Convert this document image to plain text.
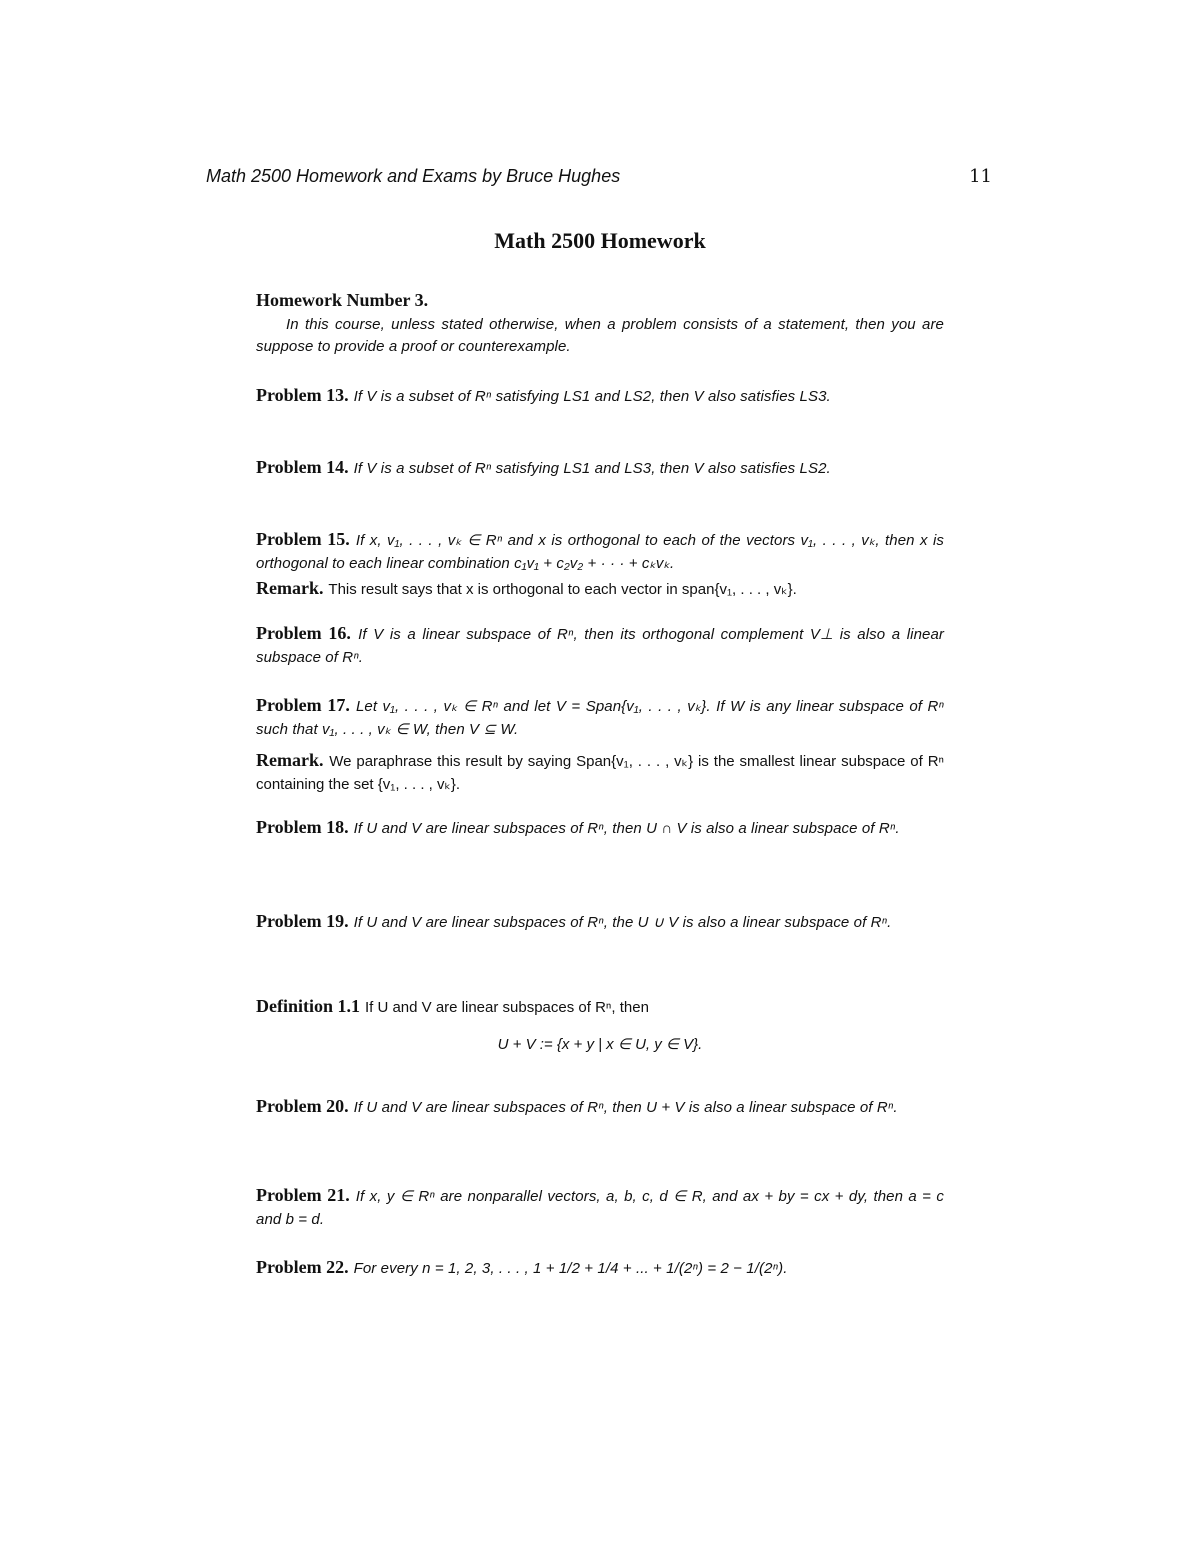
Math 2500 Homework and Exams by Bruce Hughes	11
Math 2500 Homework
Homework Number 3.
In this course, unless stated otherwise, when a problem consists of a statement, then you are suppose to provide a proof or counterexample.
Problem 13. If V is a subset of Rⁿ satisfying LS1 and LS2, then V also satisfies LS3.
Problem 14. If V is a subset of Rⁿ satisfying LS1 and LS3, then V also satisfies LS2.
Problem 15. If x, v₁, . . . , vₖ ∈ Rⁿ and x is orthogonal to each of the vectors v₁, . . . , vₖ, then x is orthogonal to each linear combination c₁v₁ + c₂v₂ + · · · + cₖvₖ.
Remark. This result says that x is orthogonal to each vector in span{v₁, . . . , vₖ}.
Problem 16. If V is a linear subspace of Rⁿ, then its orthogonal complement V⊥ is also a linear subspace of Rⁿ.
Problem 17. Let v₁, . . . , vₖ ∈ Rⁿ and let V = Span{v₁, . . . , vₖ}. If W is any linear subspace of Rⁿ such that v₁, . . . , vₖ ∈ W, then V ⊆ W.
Remark. We paraphrase this result by saying Span{v₁, . . . , vₖ} is the smallest linear subspace of Rⁿ containing the set {v₁, . . . , vₖ}.
Problem 18. If U and V are linear subspaces of Rⁿ, then U ∩ V is also a linear subspace of Rⁿ.
Problem 19. If U and V are linear subspaces of Rⁿ, the U ∪ V is also a linear subspace of Rⁿ.
Definition 1.1 If U and V are linear subspaces of Rⁿ, then
U + V := {x + y | x ∈ U, y ∈ V}.
Problem 20. If U and V are linear subspaces of Rⁿ, then U + V is also a linear subspace of Rⁿ.
Problem 21. If x, y ∈ Rⁿ are nonparallel vectors, a, b, c, d ∈ R, and ax + by = cx + dy, then a = c and b = d.
Problem 22. For every n = 1, 2, 3, . . . , 1 + 1/2 + 1/4 + ... + 1/(2ⁿ) = 2 − 1/(2ⁿ).
